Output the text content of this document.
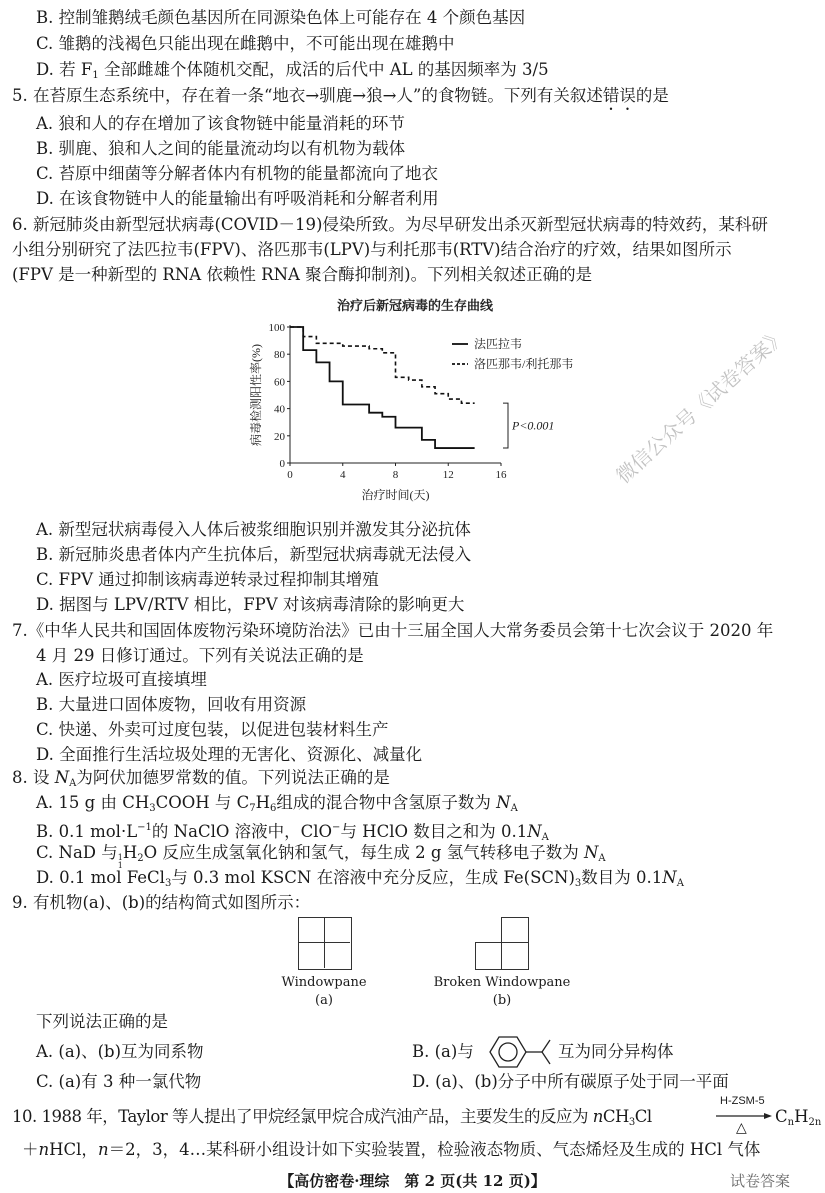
B. 控制雏鹅绒毛颜色基因所在同源染色体上可能存在 4 个颜色基因
C. 雏鹅的浅褐色只能出现在雌鹅中，不可能出现在雄鹅中
D. 若 $F_1$ 全部雌雄个体随机交配，成活的后代中 AL 的基因频率为 3/5
5. 在苔原生态系统中，存在着一条“地衣→驯鹿→狼→人”的食物链。下列有关叙述错误的是
A. 狼和人的存在增加了该食物链中能量消耗的环节
B. 驯鹿、狼和人之间的能量流动均以有机物为载体
C. 苔原中细菌等分解者体内有机物的能量都流向了地衣
D. 在该食物链中人的能量输出有呼吸消耗和分解者利用
6. 新冠肺炎由新型冠状病毒(COVID－19)侵染所致。为尽早研发出杀灭新型冠状病毒的特效药，某科研
小组分别研究了法匹拉韦(FPV)、洛匹那韦(LPV)与利托那韦(RTV)结合治疗的疗效，结果如图所示
(FPV 是一种新型的 RNA 依赖性 RNA 聚合酶抑制剂)。下列相关叙述正确的是
治疗后新冠病毒的生存曲线
0
20
40
60
80
100
0	4	8	12	16
治疗时间(天)
病毒检测阳性率(%)	法匹拉韦
洛匹那韦/利托那韦
P<0.001
A. 新型冠状病毒侵入人体后被浆细胞识别并激发其分泌抗体
B. 新冠肺炎患者体内产生抗体后，新型冠状病毒就无法侵入
C. FPV 通过抑制该病毒逆转录过程抑制其增殖
D. 据图与 LPV/RTV 相比，FPV 对该病毒清除的影响更大
7.《中华人民共和国固体废物污染环境防治法》已由十三届全国人大常务委员会第十七次会议于 2020 年
4 月 29 日修订通过。下列有关说法正确的是
A. 医疗垃圾可直接填埋
B. 大量进口固体废物，回收有用资源
C. 快递、外卖可过度包装，以促进包装材料生产
D. 全面推行生活垃圾处理的无害化、资源化、减量化
8. 设 $N_A$为阿伏加德罗常数的值。下列说法正确的是
A. 15 g 由 $CH_3COOH$ 与 $C_7H_6$组成的混合物中含氢原子数为 $N_A$
B. 0.1 $mol\cdot L^{-1}$的 NaClO 溶液中，ClO−与 HClO 数目之和为 $0.1N_A$
C. NaD 与 1
1
$H_2O$ 反应生成氢氧化钠和氢气，每生成 2 g 氢气转移电子数为 $N_A$
D. 0.1 mol FeCl$_3$与 0.3 mol KSCN 在溶液中充分反应，生成 $Fe(SCN)_3$数目为 $0.1N_A$
9. 有机物(a)、(b)的结构简式如图所示：
Windowpane
(a)
Broken Windowpane
(b)
下列说法正确的是
A. (a)、(b)互为同系物	B. (a)与	互为同分异构体
C. (a)有 3 种一氯代物	D. (a)、(b)分子中所有碳原子处于同一平面
10. 1988 年，Taylor 等人提出了甲烷经氯甲烷合成汽油产品，主要发生的反应为 nCH$_3$Cl
H-ZSM-5
△
$C_nH_{2n}$
＋nHCl，n＝2，3，4…某科研小组设计如下实验装置，检验液态物质、气态烯烃及生成的 HCl 气体
【高仿密卷·理综　第 2 页(共 12 页)】
微信公众号《试卷答案》
试卷答案
